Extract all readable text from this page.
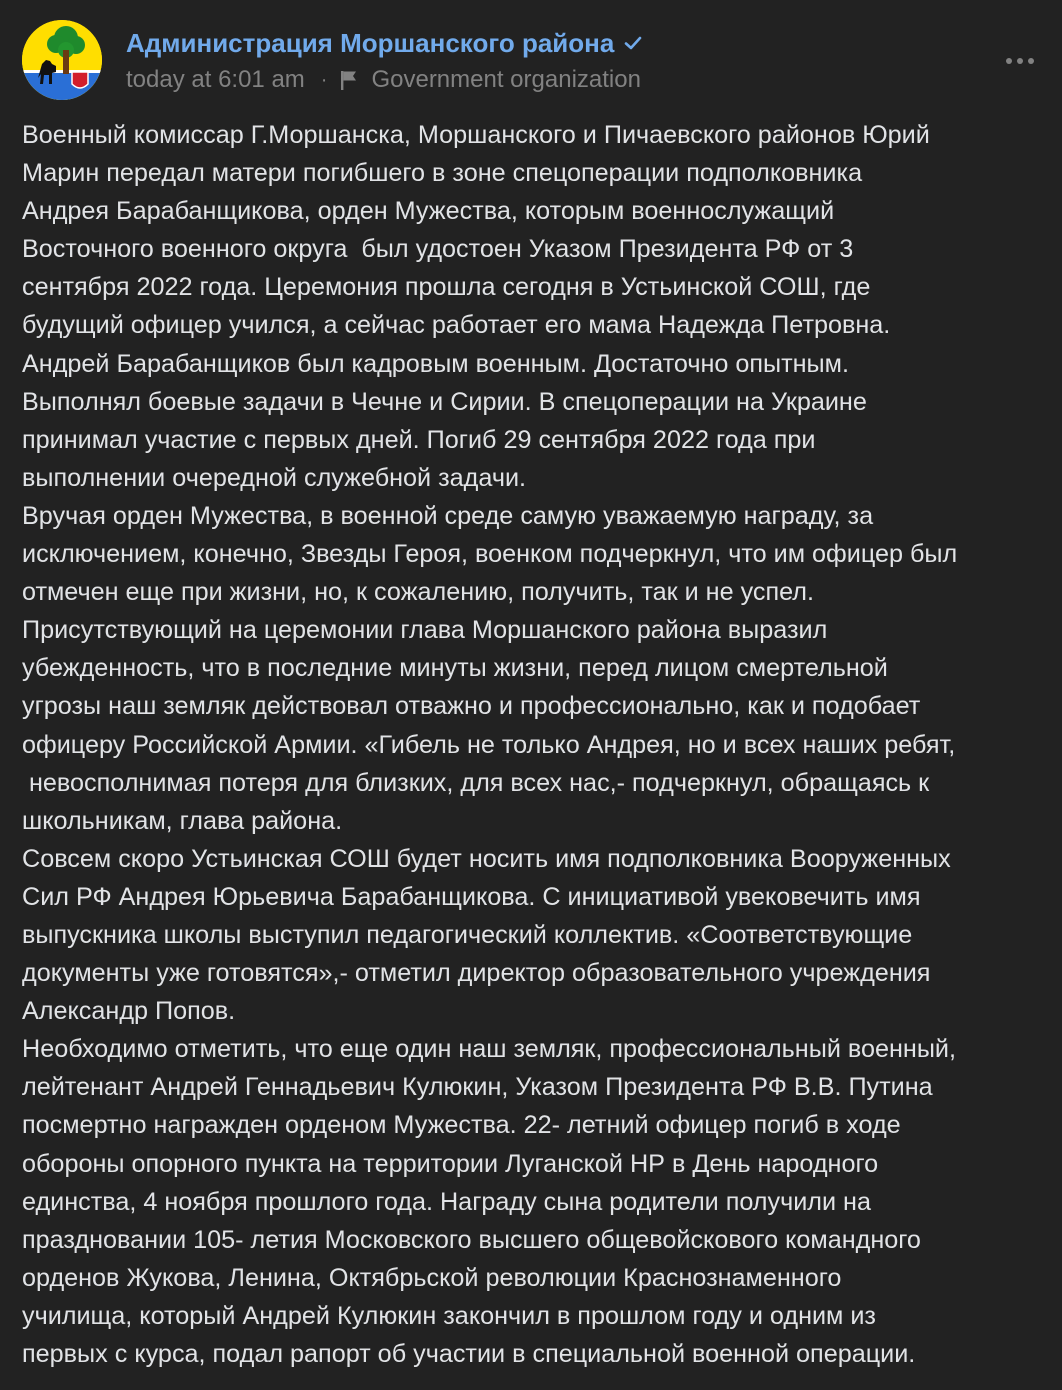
Администрация Моршанского района
today at 6:01 am · Government organization
Военный комиссар Г.Моршанска, Моршанского и Пичаевского районов Юрий
Марин передал матери погибшего в зоне спецоперации подполковника
Андрея Барабанщикова, орден Мужества, которым военнослужащий
Восточного военного округа  был удостоен Указом Президента РФ от 3
сентября 2022 года. Церемония прошла сегодня в Устьинской СОШ, где
будущий офицер учился, а сейчас работает его мама Надежда Петровна.
Андрей Барабанщиков был кадровым военным. Достаточно опытным.
Выполнял боевые задачи в Чечне и Сирии. В спецоперации на Украине
принимал участие с первых дней. Погиб 29 сентября 2022 года при
выполнении очередной служебной задачи.
Вручая орден Мужества, в военной среде самую уважаемую награду, за
исключением, конечно, Звезды Героя, военком подчеркнул, что им офицер был
отмечен еще при жизни, но, к сожалению, получить, так и не успел.
Присутствующий на церемонии глава Моршанского района выразил
убежденность, что в последние минуты жизни, перед лицом смертельной
угрозы наш земляк действовал отважно и профессионально, как и подобает
офицеру Российской Армии. «Гибель не только Андрея, но и всех наших ребят,
невосполнимая потеря для близких, для всех нас,- подчеркнул, обращаясь к
школьникам, глава района.
Совсем скоро Устьинская СОШ будет носить имя подполковника Вооруженных
Сил РФ Андрея Юрьевича Барабанщикова. С инициативой увековечить имя
выпускника школы выступил педагогический коллектив. «Соответствующие
документы уже готовятся»,- отметил директор образовательного учреждения
Александр Попов.
Необходимо отметить, что еще один наш земляк, профессиональный военный,
лейтенант Андрей Геннадьевич Кулюкин, Указом Президента РФ В.В. Путина
посмертно награжден орденом Мужества. 22- летний офицер погиб в ходе
обороны опорного пункта на территории Луганской НР в День народного
единства, 4 ноября прошлого года. Награду сына родители получили на
праздновании 105- летия Московского высшего общевойскового командного
орденов Жукова, Ленина, Октябрьской революции Краснознаменного
училища, который Андрей Кулюкин закончил в прошлом году и одним из
первых с курса, подал рапорт об участии в специальной военной операции.
